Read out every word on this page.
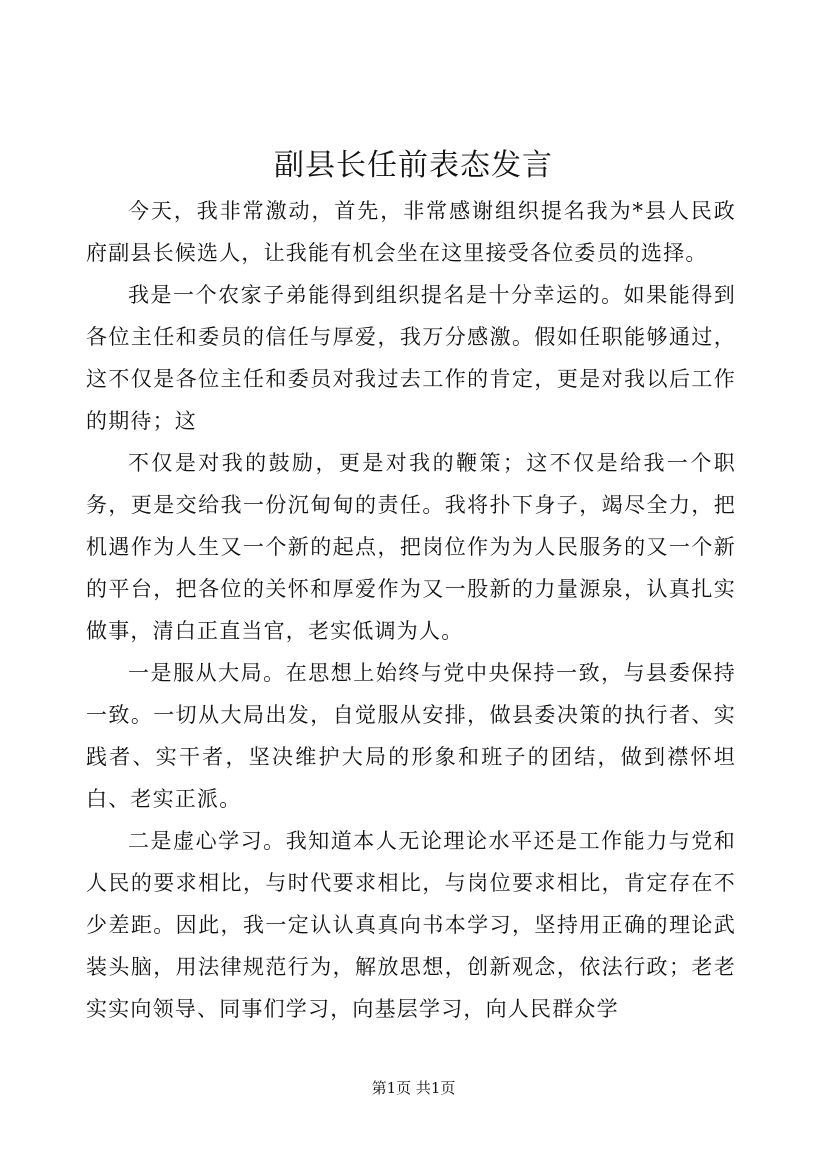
副县长任前表态发言

今天，我非常激动，首先，非常感谢组织提名我为*县人民政府副县长候选人，让我能有机会坐在这里接受各位委员的选择。

我是一个农家子弟能得到组织提名是十分幸运的。如果能得到各位主任和委员的信任与厚爱，我万分感激。假如任职能够通过，这不仅是各位主任和委员对我过去工作的肯定，更是对我以后工作的期待；这

不仅是对我的鼓励，更是对我的鞭策；这不仅是给我一个职务，更是交给我一份沉甸甸的责任。我将扑下身子，竭尽全力，把机遇作为人生又一个新的起点，把岗位作为为人民服务的又一个新的平台，把各位的关怀和厚爱作为又一股新的力量源泉，认真扎实做事，清白正直当官，老实低调为人。

一是服从大局。在思想上始终与党中央保持一致，与县委保持一致。一切从大局出发，自觉服从安排，做县委决策的执行者、实践者、实干者，坚决维护大局的形象和班子的团结，做到襟怀坦白、老实正派。

二是虚心学习。我知道本人无论理论水平还是工作能力与党和人民的要求相比，与时代要求相比，与岗位要求相比，肯定存在不少差距。因此，我一定认认真真向书本学习，坚持用正确的理论武装头脑，用法律规范行为，解放思想，创新观念，依法行政；老老实实向领导、同事们学习，向基层学习，向人民群众学

第1页 共1页
